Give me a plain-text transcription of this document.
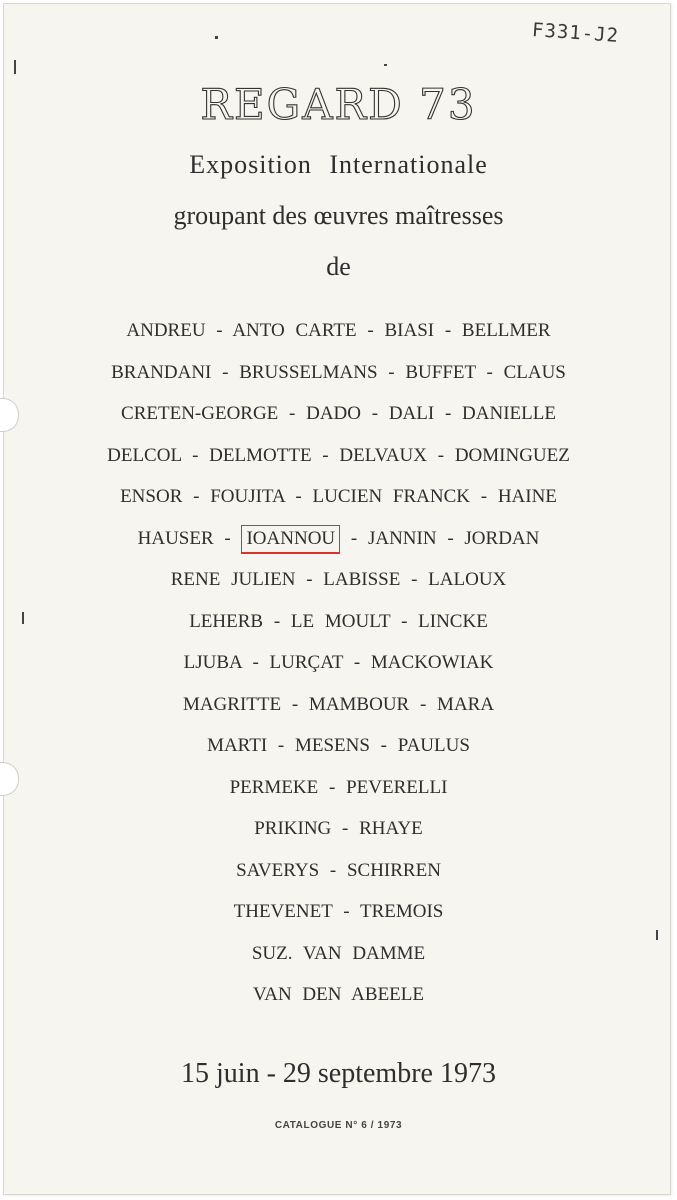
F331-J2
REGARD 73
Exposition Internationale
groupant des œuvres maîtresses
de
ANDREU - ANTO CARTE - BIASI - BELLMER
BRANDANI - BRUSSELMANS - BUFFET - CLAUS
CRETEN-GEORGE - DADO - DALI - DANIELLE
DELCOL - DELMOTTE - DELVAUX - DOMINGUEZ
ENSOR - FOUJITA - LUCIEN FRANCK - HAINE
HAUSER - IOANNOU - JANNIN - JORDAN
RENE JULIEN - LABISSE - LALOUX
LEHERB - LE MOULT - LINCKE
LJUBA - LURÇAT - MACKOWIAK
MAGRITTE - MAMBOUR - MARA
MARTI - MESENS - PAULUS
PERMEKE - PEVERELLI
PRIKING - RHAYE
SAVERYS - SCHIRREN
THEVENET - TREMOIS
SUZ. VAN DAMME
VAN DEN ABEELE
15 juin - 29 septembre 1973
CATALOGUE N° 6 / 1973
